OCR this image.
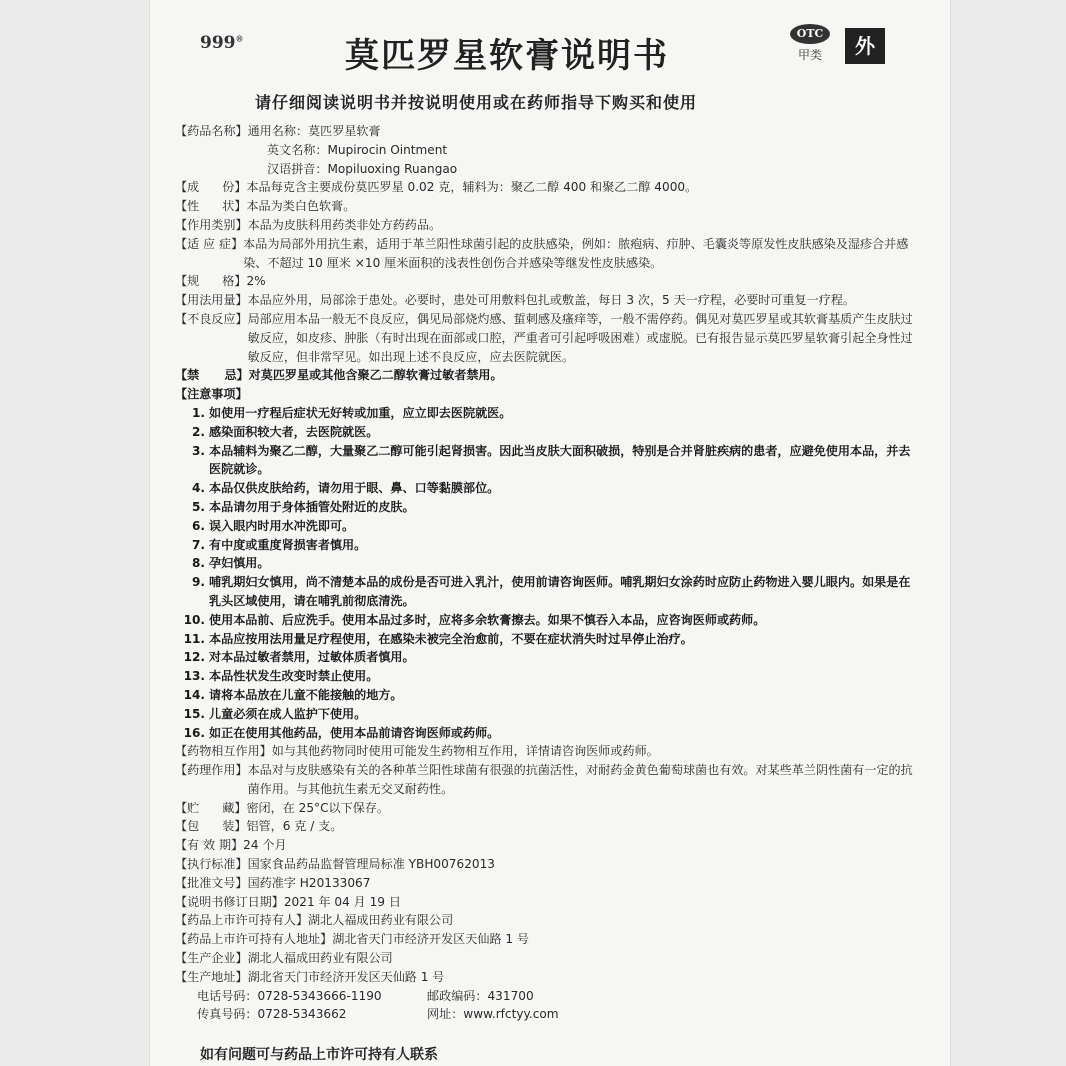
999®	莫匹罗星软膏说明书
OTC
甲类	外
请仔细阅读说明书并按说明使用或在药师指导下购买和使用
【药品名称】 通用名称：莫匹罗星软膏
英文名称：Mupirocin Ointment
汉语拼音：Mopiluoxing Ruangao
【成      份】 本品每克含主要成份莫匹罗星 0.02 克，辅料为：聚乙二醇 400 和聚乙二醇 4000。
【性      状】 本品为类白色软膏。
【作用类别】 本品为皮肤科用药类非处方药药品。
【适 应 症】 本品为局部外用抗生素，适用于革兰阳性球菌引起的皮肤感染，例如：脓疱病、疖肿、毛囊炎等原发性皮肤感染及湿疹合并感染、不超过 10 厘米 ×10 厘米面积的浅表性创伤合并感染等继发性皮肤感染。
【规      格】 2%
【用法用量】 本品应外用，局部涂于患处。必要时，患处可用敷料包扎或敷盖，每日 3 次，5 天一疗程，必要时可重复一疗程。
【不良反应】 局部应用本品一般无不良反应，偶见局部烧灼感、蜇刺感及瘙痒等，一般不需停药。偶见对莫匹罗星或其软膏基质产生皮肤过敏反应，如皮疹、肿胀（有时出现在面部或口腔，严重者可引起呼吸困难）或虚脱。已有报告显示莫匹罗星软膏引起全身性过敏反应，但非常罕见。如出现上述不良反应，应去医院就医。
【禁      忌】 对莫匹罗星或其他含聚乙二醇软膏过敏者禁用。
【注意事项】
1. 如使用一疗程后症状无好转或加重，应立即去医院就医。
2. 感染面积较大者，去医院就医。
3. 本品辅料为聚乙二醇，大量聚乙二醇可能引起肾损害。因此当皮肤大面积破损，特别是合并肾脏疾病的患者，应避免使用本品，并去医院就诊。
4. 本品仅供皮肤给药，请勿用于眼、鼻、口等黏膜部位。
5. 本品请勿用于身体插管处附近的皮肤。
6. 误入眼内时用水冲洗即可。
7. 有中度或重度肾损害者慎用。
8. 孕妇慎用。
9. 哺乳期妇女慎用，尚不清楚本品的成份是否可进入乳汁，使用前请咨询医师。哺乳期妇女涂药时应防止药物进入婴儿眼内。如果是在乳头区域使用，请在哺乳前彻底清洗。
10. 使用本品前、后应洗手。使用本品过多时，应将多余软膏擦去。如果不慎吞入本品，应咨询医师或药师。
11. 本品应按用法用量足疗程使用，在感染未被完全治愈前，不要在症状消失时过早停止治疗。
12. 对本品过敏者禁用，过敏体质者慎用。
13. 本品性状发生改变时禁止使用。
14. 请将本品放在儿童不能接触的地方。
15. 儿童必须在成人监护下使用。
16. 如正在使用其他药品，使用本品前请咨询医师或药师。
【药物相互作用】 如与其他药物同时使用可能发生药物相互作用，详情请咨询医师或药师。
【药理作用】 本品对与皮肤感染有关的各种革兰阳性球菌有很强的抗菌活性，对耐药金黄色葡萄球菌也有效。对某些革兰阴性菌有一定的抗菌作用。与其他抗生素无交叉耐药性。
【贮      藏】 密闭，在 25°C以下保存。
【包      装】 铝管，6 克 / 支。
【有 效 期】 24 个月
【执行标准】 国家食品药品监督管理局标准 YBH00762013
【批准文号】 国药准字 H20133067
【说明书修订日期】 2021 年 04 月 19 日
【药品上市许可持有人】 湖北人福成田药业有限公司
【药品上市许可持有人地址】 湖北省天门市经济开发区天仙路 1 号
【生产企业】 湖北人福成田药业有限公司
【生产地址】 湖北省天门市经济开发区天仙路 1 号
电话号码：0728-5343666-1190	邮政编码：431700
传真号码：0728-5343662	网址：www.rfctyy.com
如有问题可与药品上市许可持有人联系
